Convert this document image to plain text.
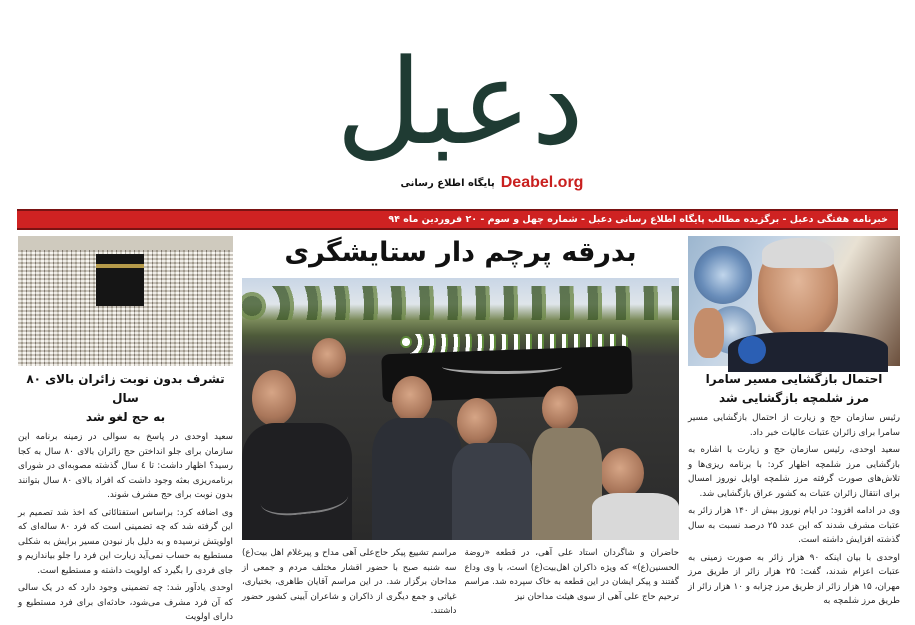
دعبل
پایگاه اطلاع رسانی Deabel.org
خبرنامه هفتگی دعبل - برگزیده مطالب پایگاه اطلاع رسانی دعبل - شماره چهل و سوم - ۲۰ فروردین ماه ۹۴
احتمال بازگشایی مسیر سامرا
مرز شلمچه بازگشایی شد

رئیس سازمان حج و زیارت از احتمال بازگشایی مسیر سامرا برای زائران عتبات عالیات خبر داد.

سعید اوحدی، رئیس سازمان حج و زیارت با اشاره به بازگشایی مرز شلمچه اظهار کرد: با برنامه ریزی‌ها و تلاش‌های صورت گرفته مرز شلمچه اوایل نوروز امسال برای انتقال زائران عتبات به کشور عراق بازگشایی شد.

وی در ادامه افزود: در ایام نوروز بیش از ۱۴۰ هزار زائر به عتبات مشرف شدند که این عدد ۲۵ درصد نسبت به سال گذشته افزایش داشته است.

اوحدی با بیان اینکه ۹۰ هزار زائر به صورت زمینی به عتبات اعزام شدند، گفت: ۲۵ هزار زائر از طریق مرز مهران، ۱۵ هزار زائر از طریق مرز چزابه و ۱۰ هزار زائر از طریق مرز شلمچه به

تشرف بدون نوبت زائران بالای ۸۰ سال
به حج لغو شد

سعید اوحدی در پاسخ به سوالی در زمینه برنامه این سازمان برای جلو انداختن حج زائران بالای ۸۰ سال به کجا رسید؟ اظهار داشت: تا ٤ سال گذشته مصوبه‌ای در شورای برنامه‌ریزی بعثه وجود داشت که افراد بالای ۸۰ سال بتوانند بدون نوبت برای حج مشرف شوند.

وی اضافه کرد: براساس استفتائاتی که اخذ شد تصمیم بر این گرفته شد که چه تضمینی است که فرد ۸۰ ساله‌ای که اولویتش نرسیده و به دلیل باز نبودن مسیر برایش به شکلی مستطیع به حساب نمی‌آید زیارت این فرد را جلو بیاندازیم و جای فردی را بگیرد که اولویت داشته و مستطیع است.

اوحدی یادآور شد: چه تضمینی وجود دارد که در یک سالی که آن فرد مشرف می‌شود، حادثه‌ای برای فرد مستطیع و دارای اولویت

بدرقه پرچم دار ستایشگری

مراسم تشییع پیکر حاج‌علی آهی مداح و پیرغلام اهل بیت(ع) سه شنبه صبح با حضور اقشار مختلف مردم و جمعی از مداحان برگزار شد. در این مراسم آقایان طاهری، بختیاری، غیاثی و جمع دیگری از ذاکران و شاعران آیینی کشور حضور داشتند.

حاضران و شاگردان استاد علی آهی، در قطعه «روضة الحسنین(ع)» که ویژه ذاکران اهل‌بیت(ع) است، با وی وداع گفتند و پیکر ایشان در این قطعه به خاک سپرده شد. مراسم ترحیم حاج علی آهی از سوی هیئت مداحان نیز
